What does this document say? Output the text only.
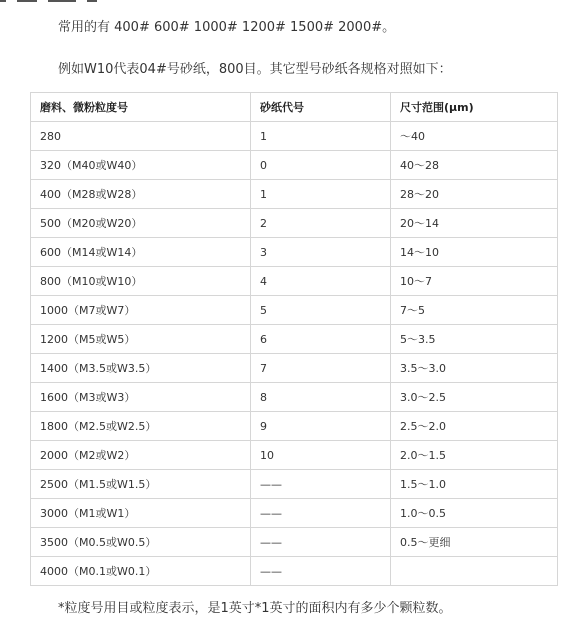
常用的有 400# 600# 1000# 1200# 1500# 2000#。
例如W10代表04#号砂纸，800目。其它型号砂纸各规格对照如下：
磨料、微粉粒度号	砂纸代号	尺寸范围(μm)
280	1	～40
320（M40或W40）	0	40～28
400（M28或W28）	1	28～20
500（M20或W20）	2	20～14
600（M14或W14）	3	14～10
800（M10或W10）	4	10～7
1000（M7或W7）	5	7～5
1200（M5或W5）	6	5～3.5
1400（M3.5或W3.5）	7	3.5～3.0
1600（M3或W3）	8	3.0～2.5
1800（M2.5或W2.5）	9	2.5～2.0
2000（M2或W2）	10	2.0～1.5
2500（M1.5或W1.5）	——	1.5～1.0
3000（M1或W1）	——	1.0～0.5
3500（M0.5或W0.5）	——	0.5～更细
4000（M0.1或W0.1）	——	
*粒度号用目或粒度表示，是1英寸*1英寸的面积内有多少个颗粒数。
